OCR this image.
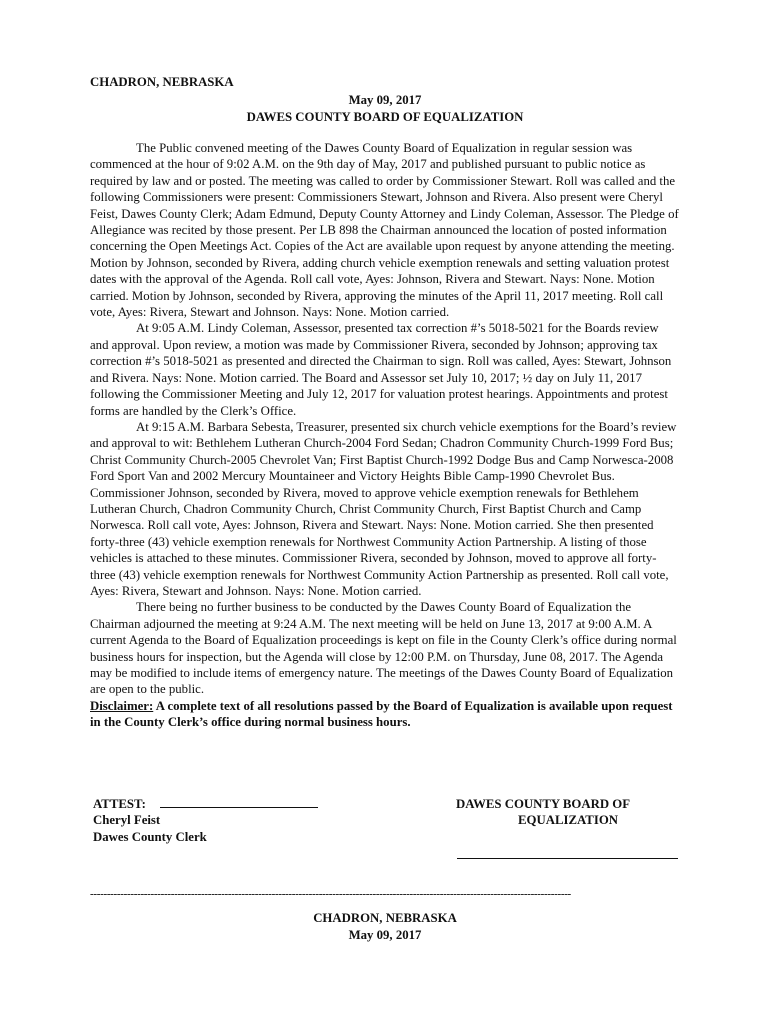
CHADRON, NEBRASKA
May 09, 2017
DAWES COUNTY BOARD OF EQUALIZATION

The Public convened meeting of the Dawes County Board of Equalization in regular session was commenced at the hour of 9:02 A.M. on the 9th day of May, 2017 and published pursuant to public notice as required by law and or posted. The meeting was called to order by Commissioner Stewart. Roll was called and the following Commissioners were present: Commissioners Stewart, Johnson and Rivera. Also present were Cheryl Feist, Dawes County Clerk; Adam Edmund, Deputy County Attorney and Lindy Coleman, Assessor. The Pledge of Allegiance was recited by those present. Per LB 898 the Chairman announced the location of posted information concerning the Open Meetings Act. Copies of the Act are available upon request by anyone attending the meeting. Motion by Johnson, seconded by Rivera, adding church vehicle exemption renewals and setting valuation protest dates with the approval of the Agenda. Roll call vote, Ayes: Johnson, Rivera and Stewart. Nays: None. Motion carried. Motion by Johnson, seconded by Rivera, approving the minutes of the April 11, 2017 meeting. Roll call vote, Ayes: Rivera, Stewart and Johnson. Nays: None. Motion carried.

At 9:05 A.M. Lindy Coleman, Assessor, presented tax correction #’s 5018-5021 for the Boards review and approval. Upon review, a motion was made by Commissioner Rivera, seconded by Johnson; approving tax correction #’s 5018-5021 as presented and directed the Chairman to sign. Roll was called, Ayes: Stewart, Johnson and Rivera. Nays: None. Motion carried. The Board and Assessor set July 10, 2017; ½ day on July 11, 2017 following the Commissioner Meeting and July 12, 2017 for valuation protest hearings. Appointments and protest forms are handled by the Clerk’s Office.

At 9:15 A.M. Barbara Sebesta, Treasurer, presented six church vehicle exemptions for the Board’s review and approval to wit: Bethlehem Lutheran Church-2004 Ford Sedan; Chadron Community Church-1999 Ford Bus; Christ Community Church-2005 Chevrolet Van; First Baptist Church-1992 Dodge Bus and Camp Norwesca-2008 Ford Sport Van and 2002 Mercury Mountaineer and Victory Heights Bible Camp-1990 Chevrolet Bus. Commissioner Johnson, seconded by Rivera, moved to approve vehicle exemption renewals for Bethlehem Lutheran Church, Chadron Community Church, Christ Community Church, First Baptist Church and Camp Norwesca. Roll call vote, Ayes: Johnson, Rivera and Stewart. Nays: None. Motion carried. She then presented forty-three (43) vehicle exemption renewals for Northwest Community Action Partnership. A listing of those vehicles is attached to these minutes. Commissioner Rivera, seconded by Johnson, moved to approve all forty-three (43) vehicle exemption renewals for Northwest Community Action Partnership as presented. Roll call vote, Ayes: Rivera, Stewart and Johnson. Nays: None. Motion carried.

There being no further business to be conducted by the Dawes County Board of Equalization the Chairman adjourned the meeting at 9:24 A.M. The next meeting will be held on June 13, 2017 at 9:00 A.M. A current Agenda to the Board of Equalization proceedings is kept on file in the County Clerk’s office during normal business hours for inspection, but the Agenda will close by 12:00 P.M. on Thursday, June 08, 2017. The Agenda may be modified to include items of emergency nature. The meetings of the Dawes County Board of Equalization are open to the public.

Disclaimer: A complete text of all resolutions passed by the Board of Equalization is available upon request in the County Clerk’s office during normal business hours.

ATTEST:
Cheryl Feist
Dawes County Clerk
DAWES COUNTY BOARD OF
EQUALIZATION
-----------------------------------------------------------------------------------------------------------------------------------------------
CHADRON, NEBRASKA
May 09, 2017
